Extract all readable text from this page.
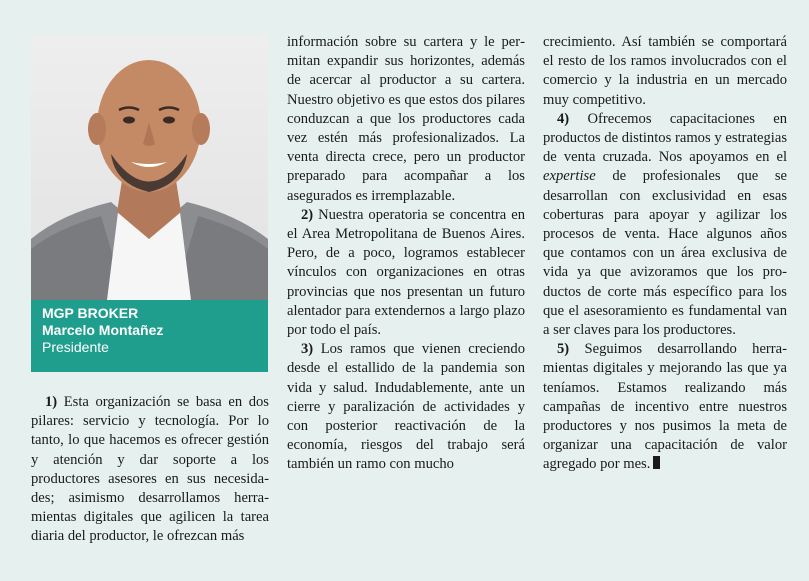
MGP BROKER
Marcelo Montañez
Presidente

1) Esta organización se basa en dos pilares: servicio y tecnología. Por lo tanto, lo que hacemos es ofrecer gestión y atención y dar soporte a los productores asesores en sus necesidades; asimismo desarrollamos herramientas digitales que agilicen la tarea diaria del productor, le ofrezcan más

información sobre su cartera y le permitan expandir sus horizontes, además de acercar al productor a su cartera. Nuestro objetivo es que estos dos pilares conduzcan a que los productores cada vez estén más profesionalizados. La venta directa crece, pero un productor preparado para acompañar a los asegurados es irremplazable.

2) Nuestra operatoria se concentra en el Area Metropolitana de Buenos Aires. Pero, de a poco, logramos establecer vínculos con organizaciones en otras provincias que nos presentan un futuro alentador para extendernos a largo plazo por todo el país.

3) Los ramos que vienen creciendo desde el estallido de la pandemia son vida y salud. Indudablemente, ante un cierre y paralización de actividades y con posterior reactivación de la economía, riesgos del trabajo será también un ramo con mucho

crecimiento. Así también se comportará el resto de los ramos involucrados con el comercio y la industria en un mercado muy competitivo.

4) Ofrecemos capacitaciones en productos de distintos ramos y estrategias de venta cruzada. Nos apoyamos en el expertise de profesionales que se desarrollan con exclusividad en esas coberturas para apoyar y agilizar los procesos de venta. Hace algunos años que contamos con un área exclusiva de vida ya que avizoramos que los productos de corte más específico para los que el asesoramiento es fundamental van a ser claves para los productores.

5) Seguimos desarrollando herramientas digitales y mejorando las que ya teníamos. Estamos realizando más campañas de incentivo entre nuestros productores y nos pusimos la meta de organizar una capacitación de valor agregado por mes.
